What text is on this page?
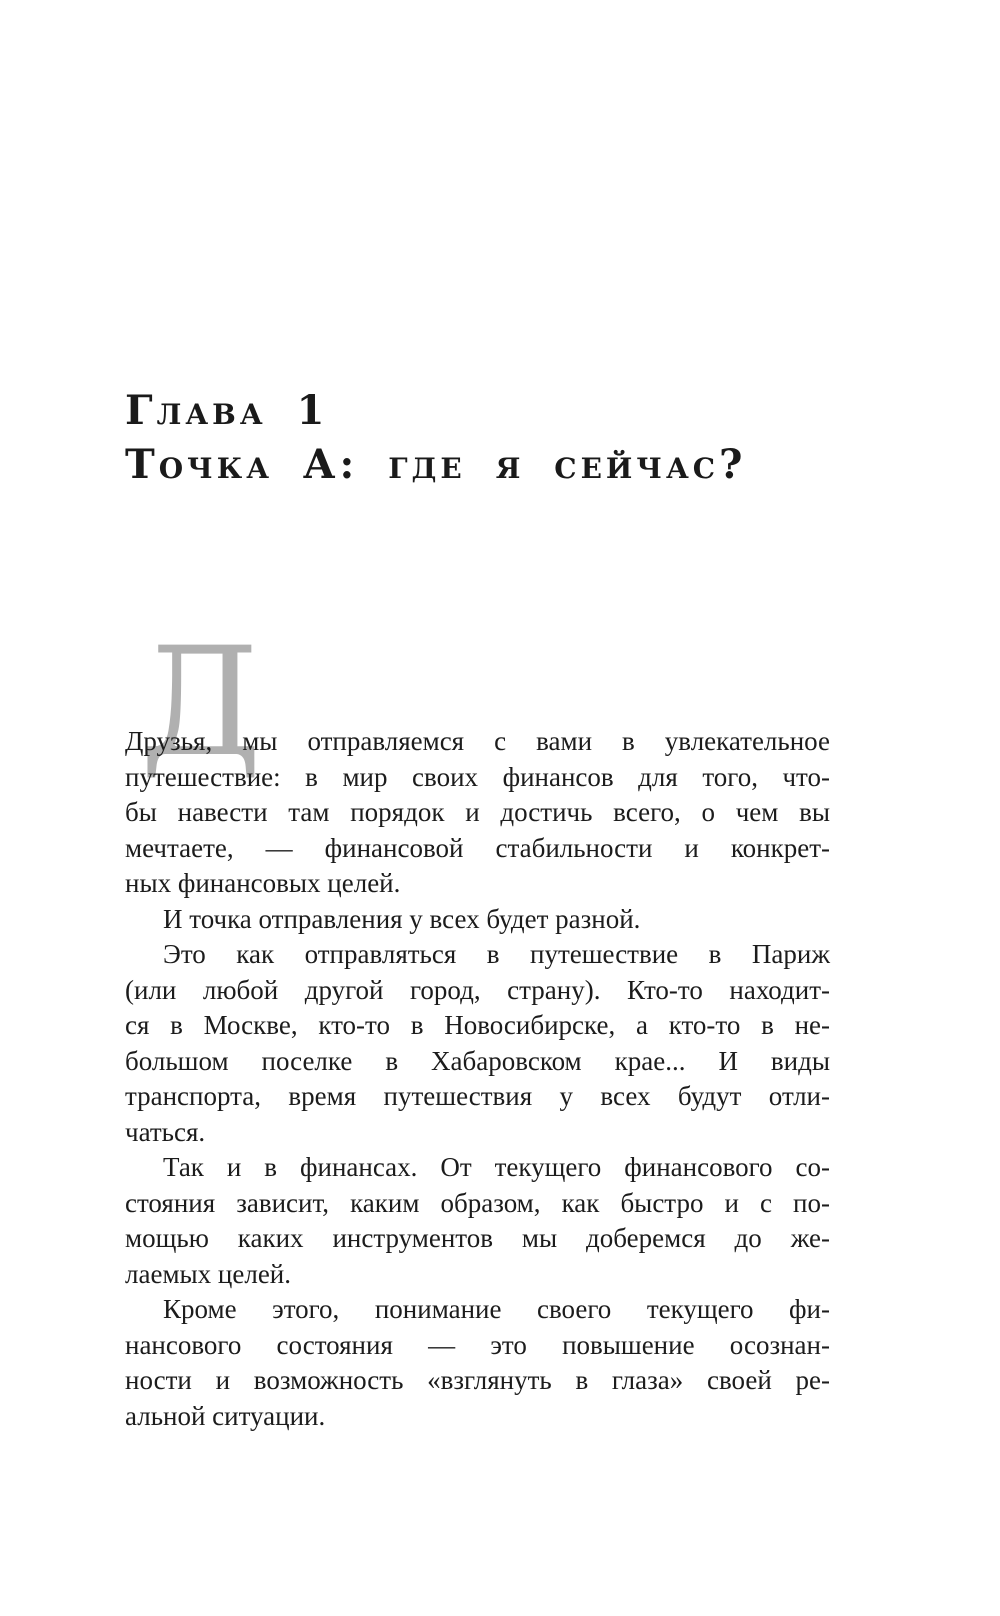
Глава 1
Точка А: где я сейчас?
Д
Друзья, мы отправляемся с вами в увлекательное
путешествие: в мир своих финансов для того, что-
бы навести там порядок и достичь всего, о чем вы
мечтаете, — финансовой стабильности и конкрет-
ных финансовых целей.
И точка отправления у всех будет разной.
Это как отправляться в путешествие в Париж
(или любой другой город, страну). Кто-то находит-
ся в Москве, кто-то в Новосибирске, а кто-то в не-
большом поселке в Хабаровском крае... И виды
транспорта, время путешествия у всех будут отли-
чаться.
Так и в финансах. От текущего финансового со-
стояния зависит, каким образом, как быстро и с по-
мощью каких инструментов мы доберемся до же-
лаемых целей.
Кроме этого, понимание своего текущего фи-
нансового состояния — это повышение осознан-
ности и возможность «взглянуть в глаза» своей ре-
альной ситуации.
